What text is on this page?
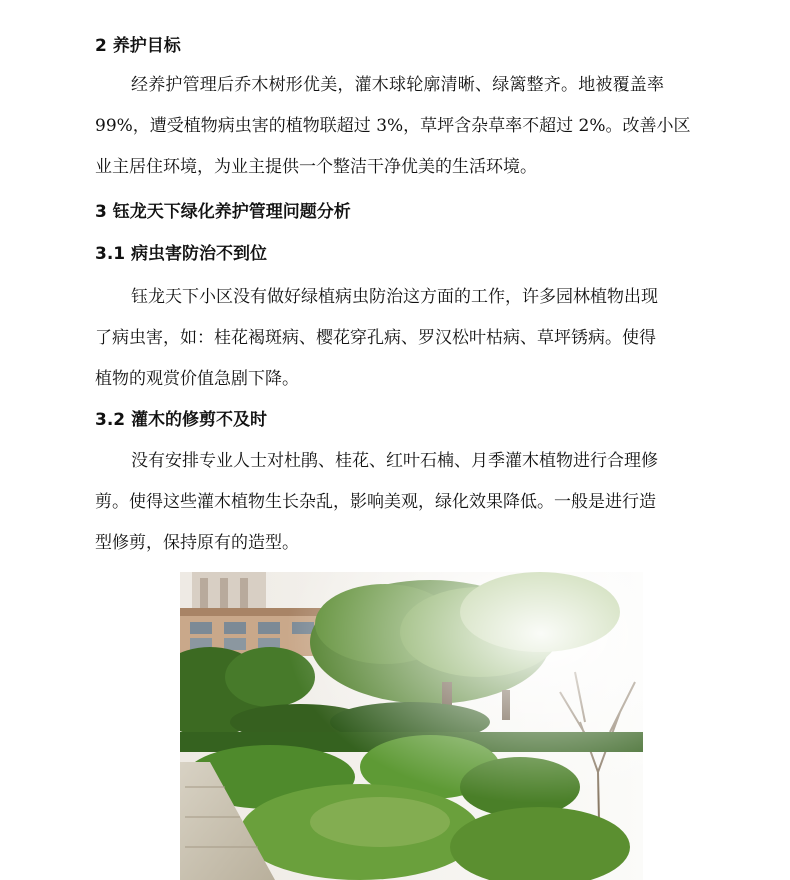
2 养护目标
经养护管理后乔木树形优美，灌木球轮廓清晰、绿篱整齐。地被覆盖率
99%，遭受植物病虫害的植物联超过 3%，草坪含杂草率不超过 2%。改善小区
业主居住环境，为业主提供一个整洁干净优美的生活环境。
3 钰龙天下绿化养护管理问题分析
3.1 病虫害防治不到位
钰龙天下小区没有做好绿植病虫防治这方面的工作，许多园林植物出现
了病虫害，如：桂花褐斑病、樱花穿孔病、罗汉松叶枯病、草坪锈病。使得
植物的观赏价值急剧下降。
3.2 灌木的修剪不及时
没有安排专业人士对杜鹃、桂花、红叶石楠、月季灌木植物进行合理修
剪。使得这些灌木植物生长杂乱，影响美观，绿化效果降低。一般是进行造
型修剪，保持原有的造型。
